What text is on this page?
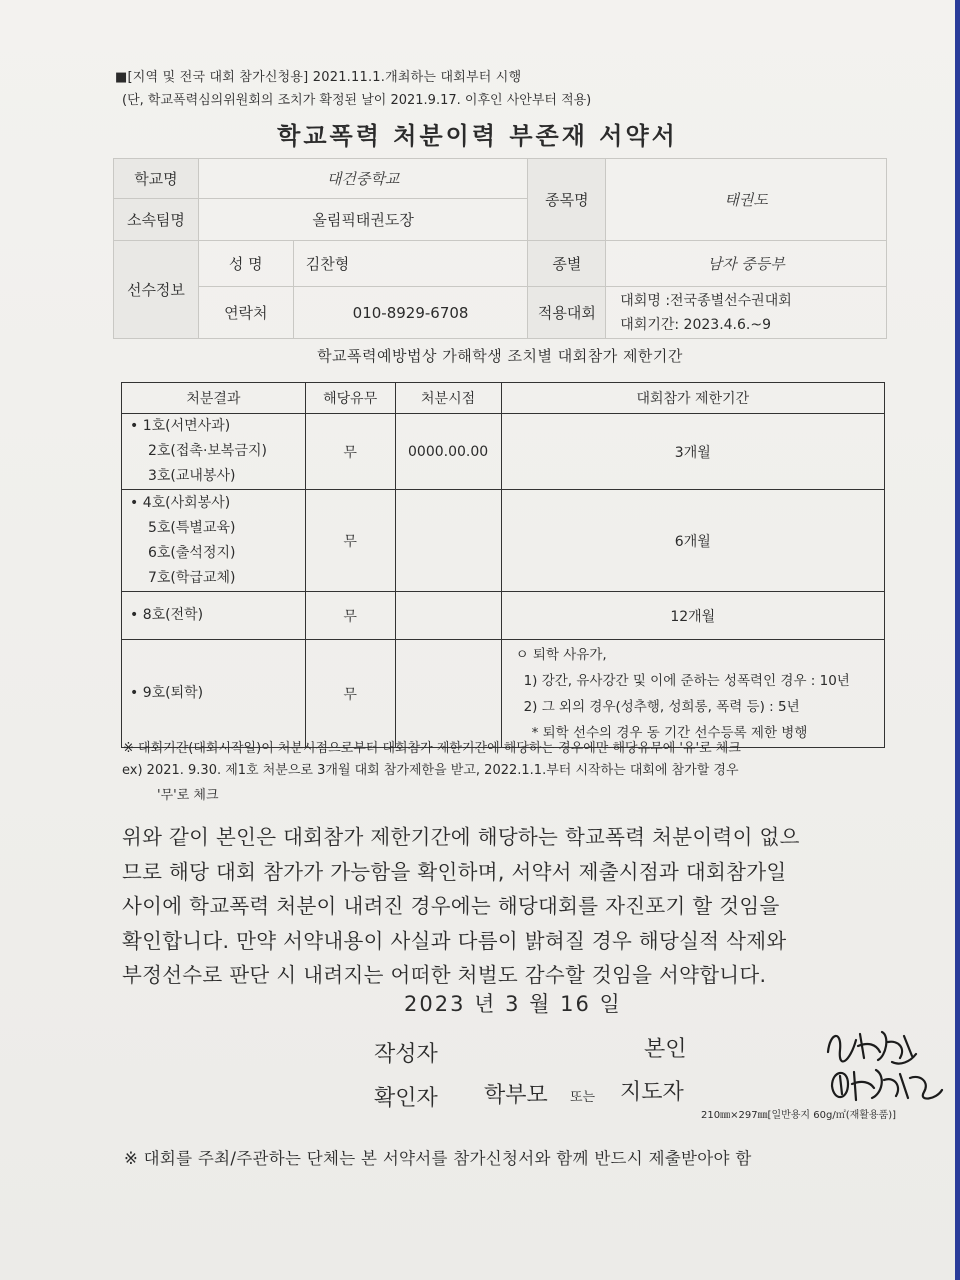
■[지역 및 전국 대회 참가신청용] 2021.11.1.개최하는 대회부터 시행
(단, 학교폭력심의위원회의 조치가 확정된 날이 2021.9.17. 이후인 사안부터 적용)
학교폭력 처분이력 부존재 서약서
학교명	대건중학교		종목명	태권도
소속팀명	올림픽태권도장			
선수정보	성 명	김찬형	종별	남자 중등부
	연락처	010-8929-6708	적용대회	대회명 :전국종별선수권대회
대회기간: 2023.4.6.~9
학교폭력예방법상 가해학생 조치별 대회참가 제한기간
처분결과	해당유무	처분시점	대회참가 제한기간

• 1호(서면사과)
2호(접촉·보복금지)
3호(교내봉사)	무	0000.00.00	3개월

• 4호(사회봉사)
5호(특별교육)
6호(출석정지)
7호(학급교체)	무		6개월

• 8호(전학)	무		12개월

• 9호(퇴학)	무		ㅇ 퇴학 사유가,
1) 강간, 유사강간 및 이에 준하는 성폭력인 경우 : 10년
2) 그 외의 경우(성추행, 성희롱, 폭력 등) : 5년
* 퇴학 선수의 경우 동 기간 선수등록 제한 병행
※ 대회기간(대회시작일)이 처분시점으로부터 대회참가 제한기간에 해당하는 경우에만 해당유무에 '유'로 체크
ex) 2021. 9.30. 제1호 처분으로 3개월 대회 참가제한을 받고, 2022.1.1.부터 시작하는 대회에 참가할 경우
'무'로 체크
위와 같이 본인은 대회참가 제한기간에 해당하는 학교폭력 처분이력이 없으
므로 해당 대회 참가가 가능함을 확인하며, 서약서 제출시점과 대회참가일
사이에 학교폭력 처분이 내려진 경우에는 해당대회를 자진포기 할 것임을
확인합니다. 만약 서약내용이 사실과 다름이 밝혀질 경우 해당실적 삭제와
부정선수로 판단 시 내려지는 어떠한 처벌도 감수할 것임을 서약합니다.
2023 년 3 월 16 일
작성자	본인
확인자 학부모 또는 지도자
210㎜×297㎜[일반용지 60g/㎡(재활용품)]
※ 대회를 주최/주관하는 단체는 본 서약서를 참가신청서와 함께 반드시 제출받아야 함
